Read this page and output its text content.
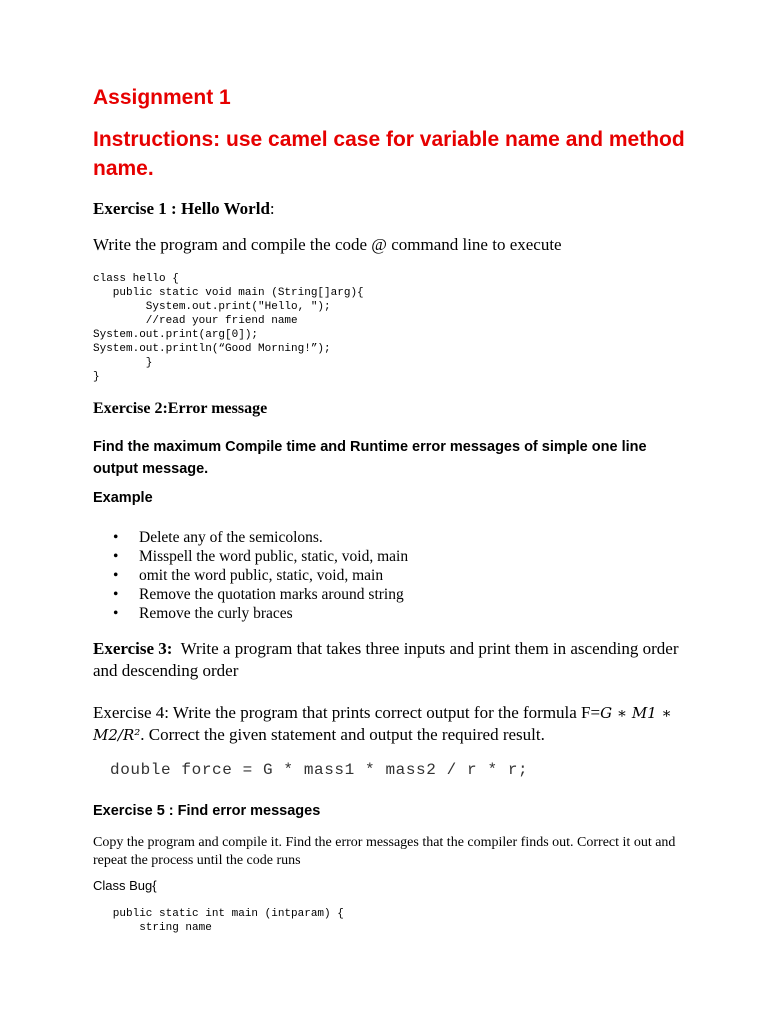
Assignment 1
Instructions: use camel case for variable name and method name.
Exercise 1 : Hello World:
Write the program and compile the code @ command line to execute
class hello {
public static void main (String[]arg){
System.out.print("Hello, ");
//read your friend name
System.out.print(arg[0]);
System.out.println(“Good Morning!”);
}
}
Exercise 2:Error message
Find the maximum Compile time and Runtime error messages of simple one line output message.
Example
• Delete any of the semicolons.
• Misspell the word public, static, void, main
• omit the word public, static, void, main
• Remove the quotation marks around string
• Remove the curly braces
Exercise 3:  Write a program that takes three inputs and print them in ascending order and descending order
Exercise 4: Write the program that prints correct output for the formula F=G ∗ M1 ∗ M2/R². Correct the given statement and output the required result.
double force = G * mass1 * mass2 / r * r;
Exercise 5 : Find error messages
Copy the program and compile it. Find the error messages that the compiler finds out. Correct it out and repeat the process until the code runs
Class Bug{
public static int main (intparam) {
string name
